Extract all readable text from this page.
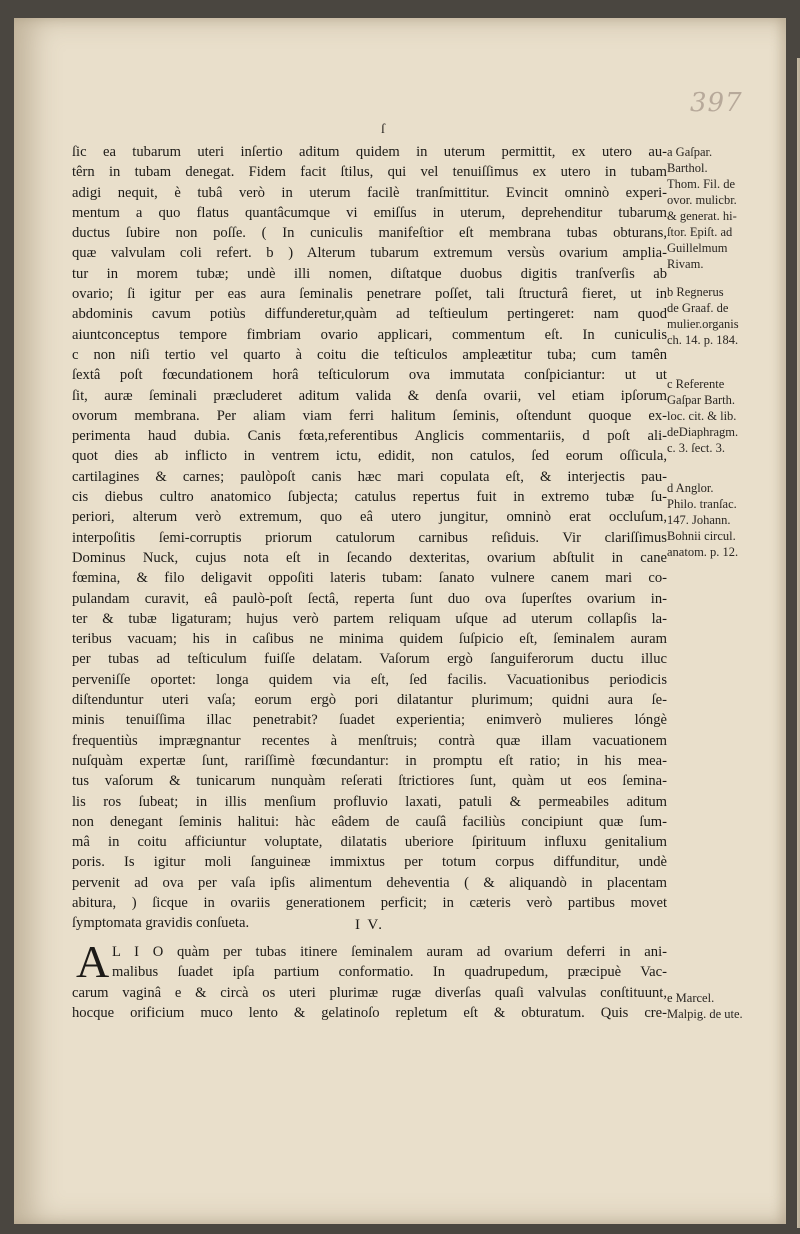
397
ſ
ſic ea tubarum uteri inſertio aditum quidem in uterum permittit, ex utero au-
têrn in tubam denegat. Fidem facit ſtilus, qui vel tenuiſſimus ex utero in tubam
adigi nequit, è tubâ verò in uterum facilè tranſmittitur. Evincit omninò experi-
mentum a quo flatus quantâcumque vi emiſſus in uterum, deprehenditur tubarum
ductus ſubire non poſſe. ( In cuniculis manifeſtior eſt membrana tubas obturans,
quæ valvulam coli refert. b ) Alterum tubarum extremum versùs ovarium amplia-
tur in morem tubæ; undè illi nomen, diſtatque duobus digitis tranſverſis ab
ovario; ſi igitur per eas aura ſeminalis penetrare poſſet, tali ſtructurâ fieret, ut in
abdominis cavum potiùs diffunderetur,quàm ad teſtieulum pertingeret: nam quod
aiuntconceptus tempore fimbriam ovario applicari, commentum eſt. In cuniculis
c non niſi tertio vel quarto à coitu die teſticulos ampleætitur tuba; cum tamên
ſextâ poſt fœcundationem horâ teſticulorum ova immutata conſpiciantur: ut ut
ſit, auræ ſeminali præcluderet aditum valida & denſa ovarii, vel etiam ipſorum
ovorum membrana. Per aliam viam ferri halitum ſeminis, oſtendunt quoque ex-
perimenta haud dubia. Canis fœta,referentibus Anglicis commentariis, d poſt ali-
quot dies ab inflicto in ventrem ictu, edidit, non catulos, ſed eorum oſſicula,
cartilagines & carnes; paulòpoſt canis hæc mari copulata eſt, & interjectis pau-
cis diebus cultro anatomico ſubjecta; catulus repertus fuit in extremo tubæ ſu-
periori, alterum verò extremum, quo eâ utero jungitur, omninò erat occluſum,
interpoſitis ſemi-corruptis priorum catulorum carnibus reſiduis. Vir clariſſimus
Dominus Nuck, cujus nota eſt in ſecando dexteritas, ovarium abſtulit in cane
fœmina, & filo deligavit oppoſiti lateris tubam: ſanato vulnere canem mari co-
pulandam curavit, eâ paulò-poſt ſectâ, reperta ſunt duo ova ſuperſtes ovarium in-
ter & tubæ ligaturam; hujus verò partem reliquam uſque ad uterum collapſis la-
teribus vacuam; his in caſibus ne minima quidem ſuſpicio eſt, ſeminalem auram
per tubas ad teſticulum fuiſſe delatam. Vaſorum ergò ſanguiferorum ductu illuc
perveniſſe oportet: longa quidem via eſt, ſed facilis. Vacuationibus periodicis
diſtenduntur uteri vaſa; eorum ergò pori dilatantur plurimum; quidni aura ſe-
minis tenuiſſima illac penetrabit? ſuadet experientia; enimverò mulieres lóngè
frequentiùs imprægnantur recentes à menſtruis; contrà quæ illam vacuationem
nuſquàm expertæ ſunt, rariſſimè fœcundantur: in promptu eſt ratio; in his mea-
tus vaſorum & tunicarum nunquàm reſerati ſtrictiores ſunt, quàm ut eos ſemina-
lis ros ſubeat; in illis menſium profluvio laxati, patuli & permeabiles aditum
non denegant ſeminis halitui: hàc eâdem de cauſâ faciliùs concipiunt quæ ſum-
mâ in coitu afficiuntur voluptate, dilatatis uberiore ſpirituum influxu genitalium
poris. Is igitur moli ſanguineæ immixtus per totum corpus diffunditur, undè
pervenit ad ova per vaſa ipſis alimentum deheventia ( & aliquandò in placentam
abitura, ) ſicque in ovariis generationem perficit; in cæteris verò partibus movet
ſymptomata gravidis conſueta.	I V.
A L I O quàm per tubas itinere ſeminalem auram ad ovarium deferri in ani-
malibus ſuadet ipſa partium conformatio. In quadrupedum, præcipuè Vac-
carum vaginâ e & circà os uteri plurimæ rugæ diverſas quaſi valvulas conſtituunt,
hocque orificium muco lento & gelatinoſo repletum eſt & obturatum. Quis cre-
a Gaſpar.
Barthol.
Thom. Fil. de
ovor. mulicbr.
& generat. hi-
ſtor. Epiſt. ad
Guillelmum
Rivam.
b Regnerus
de Graaf. de
mulier.organis
ch. 14. p. 184.
c Referente
Gaſpar Barth.
loc. cit. & lib.
deDiaphragm.
c. 3. ſect. 3.
d Anglor.
Philo. tranſac.
147. Johann.
Bohnii circul.
anatom. p. 12.
e Marcel.
Malpig. de ute.
